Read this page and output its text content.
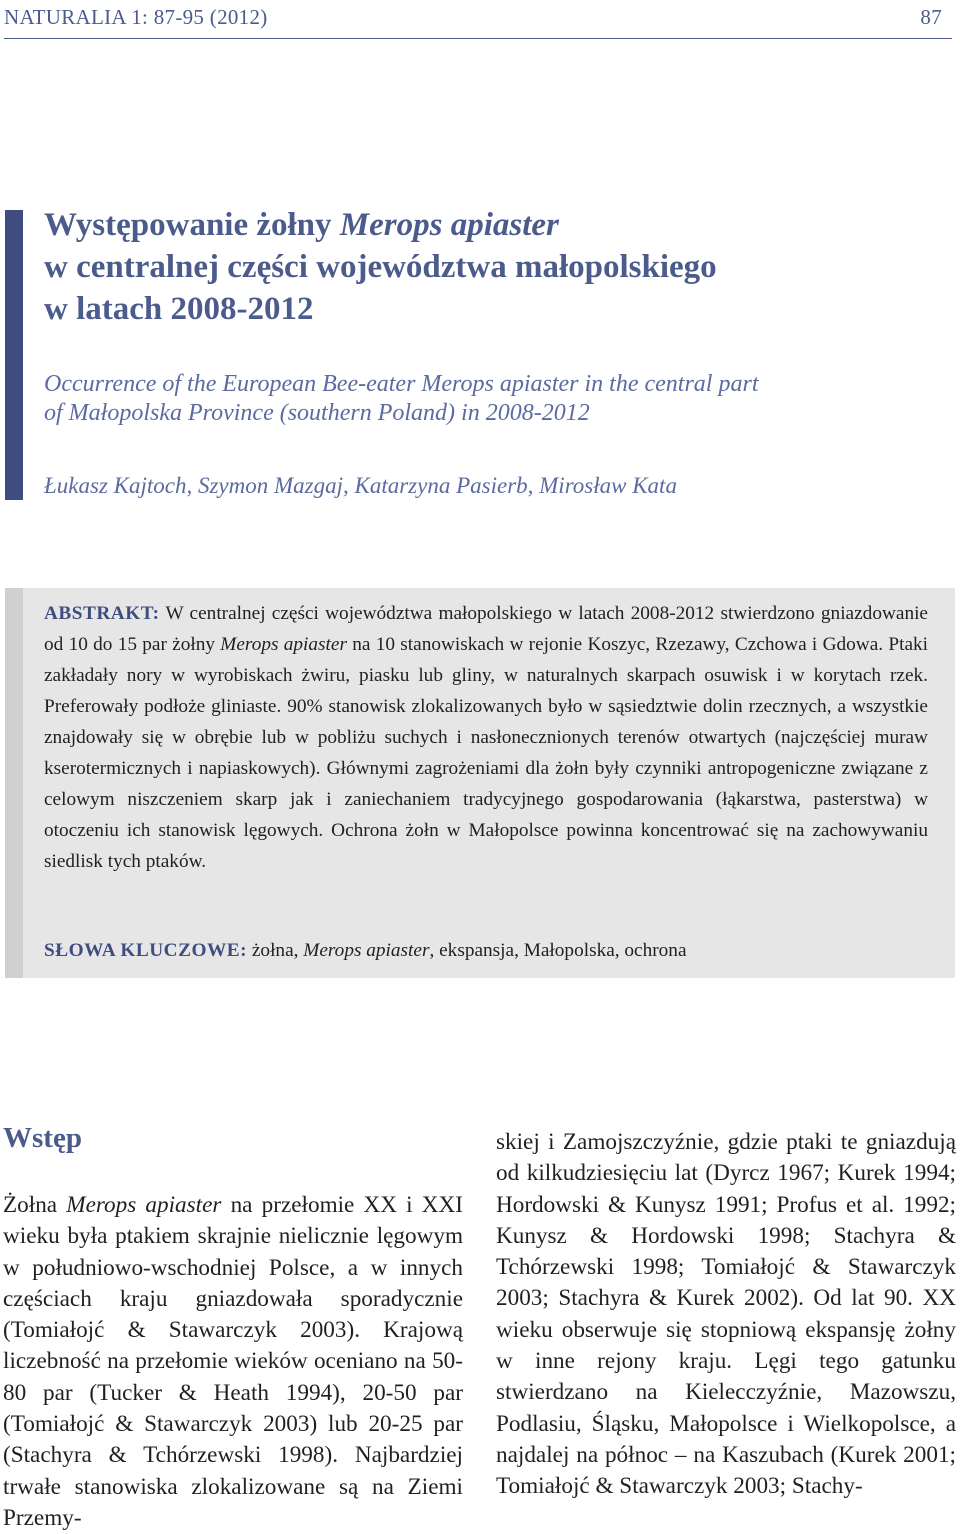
NATURALIA 1: 87-95 (2012)	87
Występowanie żołny Merops apiaster
w centralnej części województwa małopolskiego
w latach 2008-2012
Occurrence of the European Bee-eater Merops apiaster in the central part
of Małopolska Province (southern Poland) in 2008-2012
Łukasz Kajtoch, Szymon Mazgaj, Katarzyna Pasierb, Mirosław Kata

ABSTRAKT: W centralnej części województwa małopolskiego w latach 2008-2012 stwierdzono gniazdowanie od 10 do 15 par żołny Merops apiaster na 10 stanowiskach w rejonie Koszyc, Rzezawy, Czchowa i Gdowa. Ptaki zakładały nory w wyrobiskach żwiru, piasku lub gliny, w naturalnych skarpach osuwisk i w korytach rzek. Preferowały podłoże gliniaste. 90% stanowisk zlokalizowanych było w sąsiedztwie dolin rzecznych, a wszystkie znajdowały się w obrębie lub w pobliżu suchych i nasłonecznionych terenów otwartych (najczęściej muraw kserotermicznych i napiaskowych). Głównymi zagrożeniami dla żołn były czynniki antropogeniczne związane z celowym niszczeniem skarp jak i zaniechaniem tradycyjnego gospodarowania (łąkarstwa, pasterstwa) w otoczeniu ich stanowisk lęgowych. Ochrona żołn w Małopolsce powinna koncentrować się na zachowywaniu siedlisk tych ptaków.

SŁOWA KLUCZOWE: żołna, Merops apiaster, ekspansja, Małopolska, ochrona

Wstęp

Żołna Merops apiaster na przełomie XX i XXI wieku była ptakiem skrajnie nielicznie lęgowym w południowo-wschodniej Polsce, a w innych częściach kraju gniazdowała sporadycznie (Tomiałojć & Stawarczyk 2003). Krajową liczebność na przełomie wieków oceniano na 50-80 par (Tucker & Heath 1994), 20-50 par (Tomiałojć & Stawarczyk 2003) lub 20-25 par (Stachyra & Tchórzewski 1998). Najbardziej trwałe stanowiska zlokalizowane są na Ziemi Przemy-

skiej i Zamojszczyźnie, gdzie ptaki te gniazdują od kilkudziesięciu lat (Dyrcz 1967; Kurek 1994; Hordowski & Kunysz 1991; Profus et al. 1992; Kunysz & Hordowski 1998; Stachyra & Tchórzewski 1998; Tomiałojć & Stawarczyk 2003; Stachyra & Kurek 2002). Od lat 90. XX wieku obserwuje się stopniową ekspansję żołny w inne rejony kraju. Lęgi tego gatunku stwierdzano na Kielecczyźnie, Mazowszu, Podlasiu, Śląsku, Małopolsce i Wielkopolsce, a najdalej na północ – na Kaszubach (Kurek 2001; Tomiałojć & Stawarczyk 2003; Stachy-
